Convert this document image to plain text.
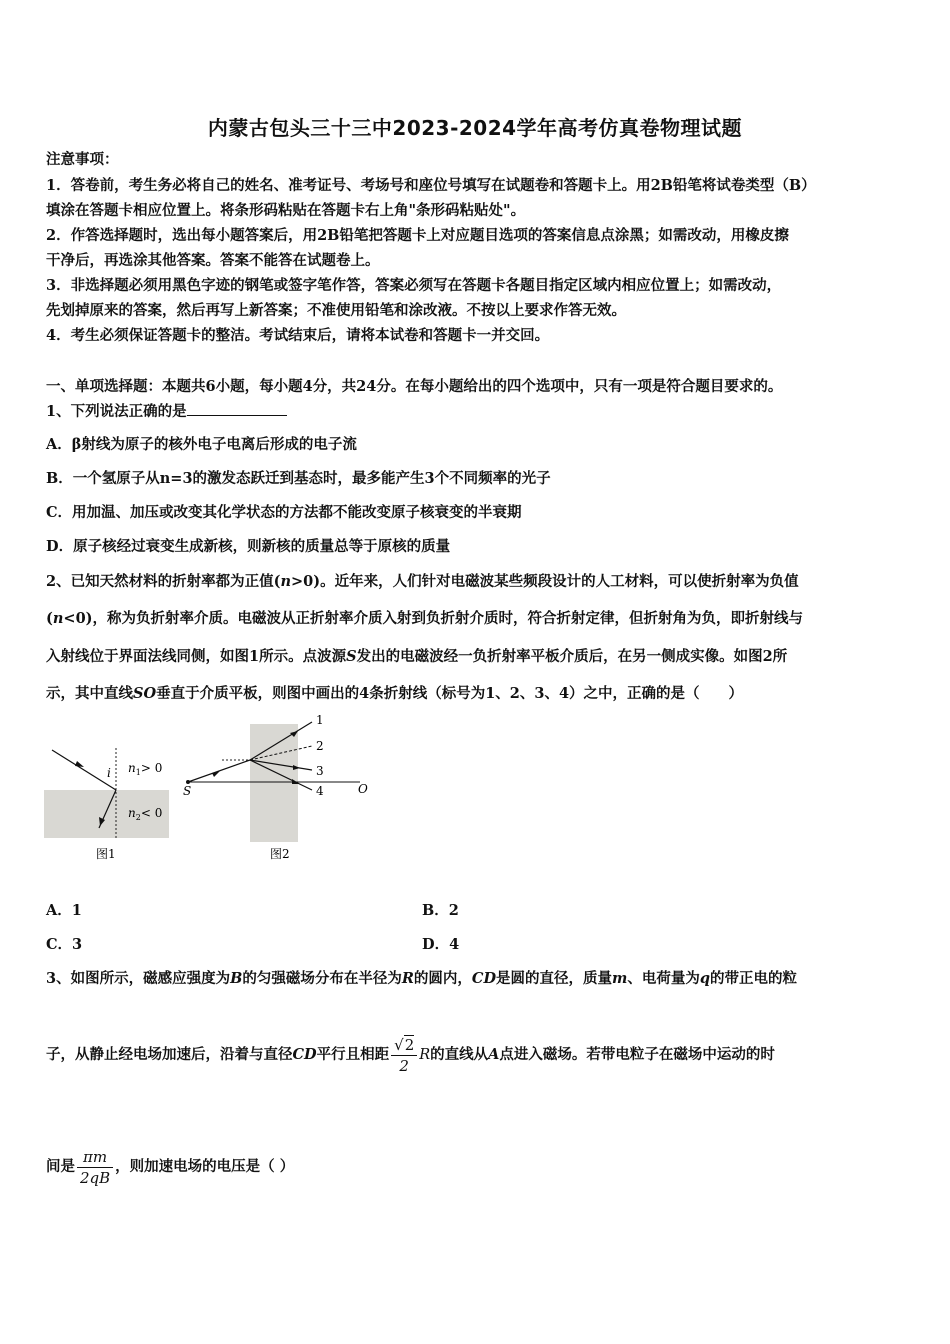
内蒙古包头三十三中2023-2024学年高考仿真卷物理试题
注意事项：
1．答卷前，考生务必将自己的姓名、准考证号、考场号和座位号填写在试题卷和答题卡上。用2B铅笔将试卷类型（B）
填涂在答题卡相应位置上。将条形码粘贴在答题卡右上角"条形码粘贴处"。
2．作答选择题时，选出每小题答案后，用2B铅笔把答题卡上对应题目选项的答案信息点涂黑；如需改动，用橡皮擦
干净后，再选涂其他答案。答案不能答在试题卷上。
3．非选择题必须用黑色字迹的钢笔或签字笔作答，答案必须写在答题卡各题目指定区域内相应位置上；如需改动，
先划掉原来的答案，然后再写上新答案；不准使用铅笔和涂改液。不按以上要求作答无效。
4．考生必须保证答题卡的整洁。考试结束后，请将本试卷和答题卡一并交回。
一、单项选择题：本题共6小题，每小题4分，共24分。在每小题给出的四个选项中，只有一项是符合题目要求的。
1、下列说法正确的是
A．β射线为原子的核外电子电离后形成的电子流
B．一个氢原子从n=3的激发态跃迁到基态时，最多能产生3个不同频率的光子
C．用加温、加压或改变其化学状态的方法都不能改变原子核衰变的半衰期
D．原子核经过衰变生成新核，则新核的质量总等于原核的质量
2、已知天然材料的折射率都为正值(n>0)。近年来，人们针对电磁波某些频段设计的人工材料，可以使折射率为负值
(n<0)，称为负折射率介质。电磁波从正折射率介质入射到负折射介质时，符合折射定律，但折射角为负，即折射线与
入射线位于界面法线同侧，如图1所示。点波源S发出的电磁波经一负折射率平板介质后，在另一侧成实像。如图2所
示，其中直线SO垂直于介质平板，则图中画出的4条折射线（标号为1、2、3、4）之中，正确的是（　　）
i $n_1> 0$
$n_2< 0$
图1
1
2
3
4
S	O
图2
A．1	B．2
C．3	D．4
3、如图所示，磁感应强度为B的匀强磁场分布在半径为R的圆内，CD是圆的直径，质量m、电荷量为q的带正电的粒
子，从静止经电场加速后，沿着与直径CD平行且相距 $\frac{√2}{2}$ R的直线从A点进入磁场。若带电粒子在磁场中运动的时
间是 $\frac{\pi m}{2qB}$ ，则加速电场的电压是（ ）
